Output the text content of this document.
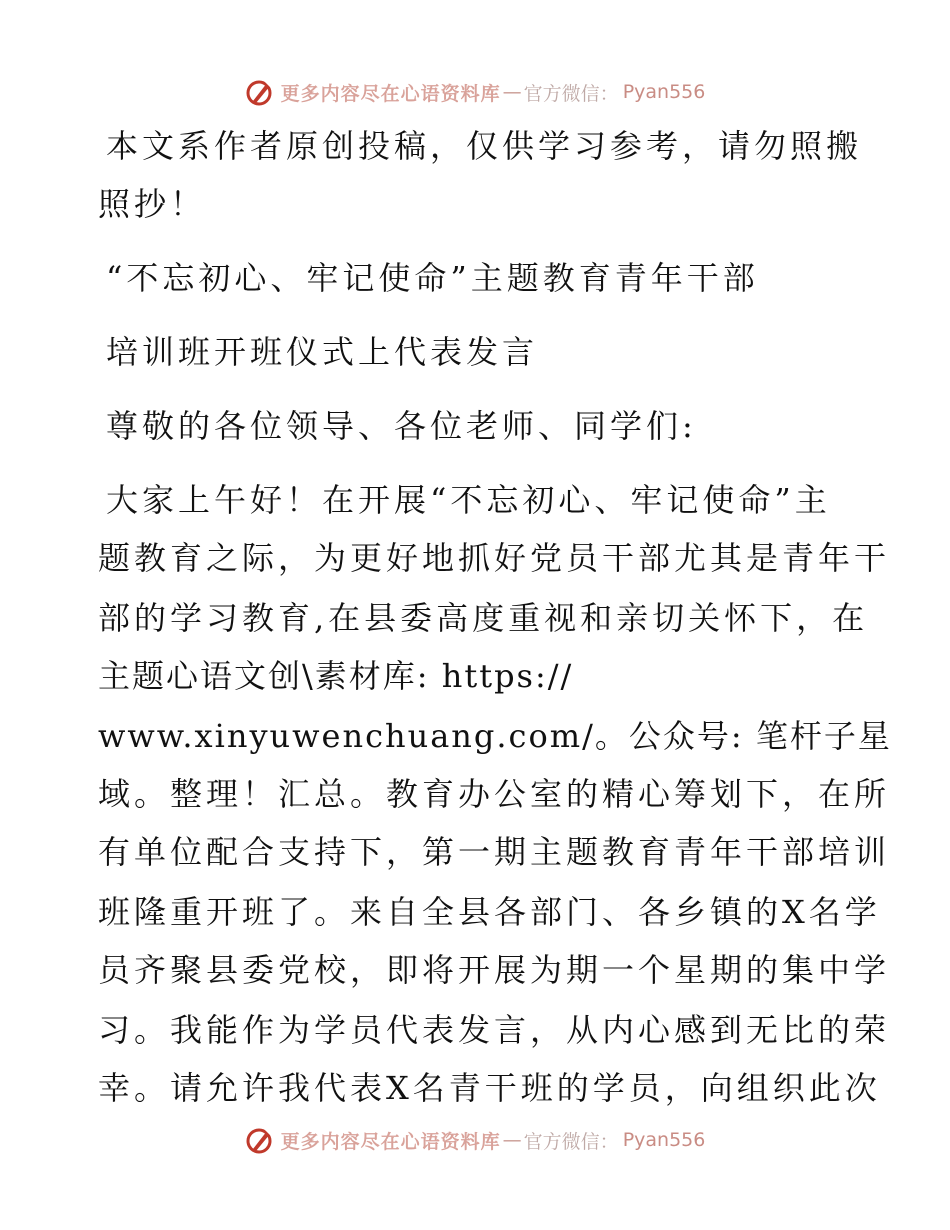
更多内容尽在心语资料库 — 官方微信： Pyan556
本文系作者原创投稿，仅供学习参考，请勿照搬
照抄！
“不忘初心、牢记使命”主题教育青年干部
培训班开班仪式上代表发言
尊敬的各位领导、各位老师、同学们:
大家上午好！在开展“不忘初心、牢记使命”主
题教育之际，为更好地抓好党员干部尤其是青年干
部的学习教育,在县委高度重视和亲切关怀下，在
主题心语文创\素材库: https://
www.xinyuwenchuang.com/。公众号: 笔杆子星
域。整理！汇总。教育办公室的精心筹划下，在所
有单位配合支持下，第一期主题教育青年干部培训
班隆重开班了。来自全县各部门、各乡镇的X名学
员齐聚县委党校，即将开展为期一个星期的集中学
习。我能作为学员代表发言，从内心感到无比的荣
幸。请允许我代表X名青干班的学员，向组织此次
更多内容尽在心语资料库 — 官方微信： Pyan556
